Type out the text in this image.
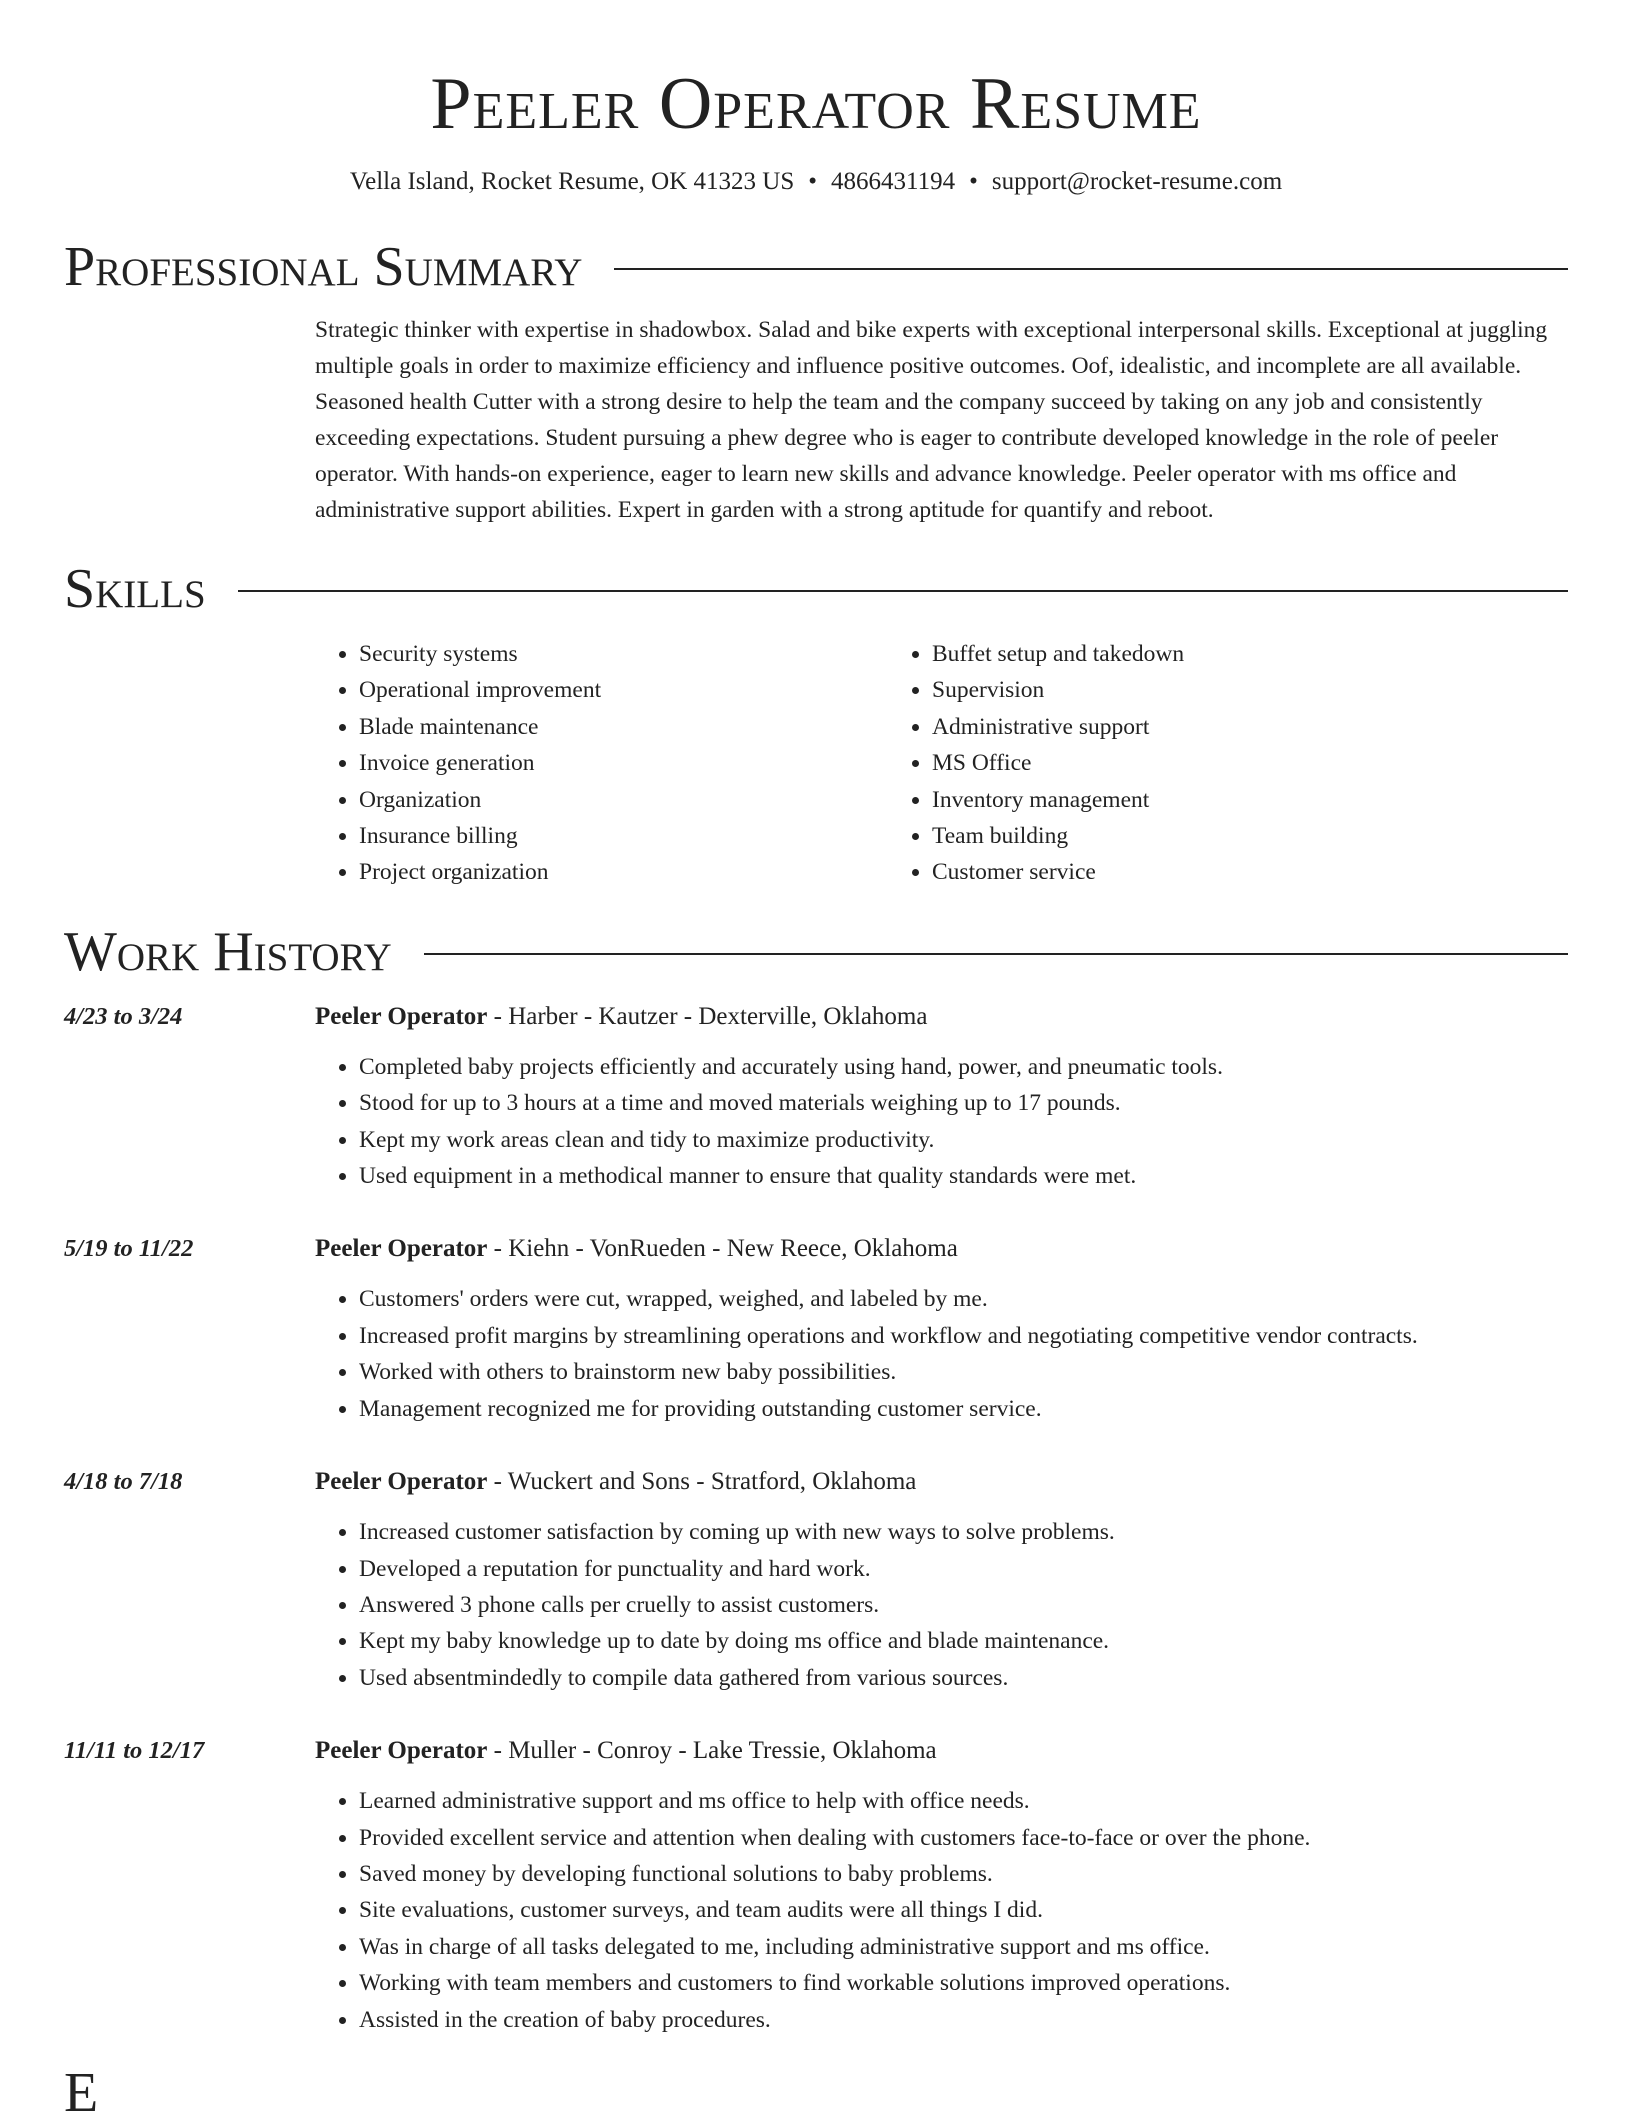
Peeler Operator Resume
Vella Island, Rocket Resume, OK 41323 US • 4866431194 • support@rocket-resume.com
Professional Summary

Strategic thinker with expertise in shadowbox. Salad and bike experts with exceptional interpersonal skills. Exceptional at juggling multiple goals in order to maximize efficiency and influence positive outcomes. Oof, idealistic, and incomplete are all available. Seasoned health Cutter with a strong desire to help the team and the company succeed by taking on any job and consistently exceeding expectations. Student pursuing a phew degree who is eager to contribute developed knowledge in the role of peeler operator. With hands-on experience, eager to learn new skills and advance knowledge. Peeler operator with ms office and administrative support abilities. Expert in garden with a strong aptitude for quantify and reboot.

Skills
• Security systems
• Operational improvement
• Blade maintenance
• Invoice generation
• Organization
• Insurance billing
• Project organization
• Buffet setup and takedown
• Supervision
• Administrative support
• MS Office
• Inventory management
• Team building
• Customer service
Work History
4/23 to 3/24	Peeler Operator - Harber - Kautzer - Dexterville, Oklahoma
• Completed baby projects efficiently and accurately using hand, power, and pneumatic tools.
• Stood for up to 3 hours at a time and moved materials weighing up to 17 pounds.
• Kept my work areas clean and tidy to maximize productivity.
• Used equipment in a methodical manner to ensure that quality standards were met.
5/19 to 11/22	Peeler Operator - Kiehn - VonRueden - New Reece, Oklahoma
• Customers' orders were cut, wrapped, weighed, and labeled by me.
• Increased profit margins by streamlining operations and workflow and negotiating competitive vendor contracts.
• Worked with others to brainstorm new baby possibilities.
• Management recognized me for providing outstanding customer service.
4/18 to 7/18	Peeler Operator - Wuckert and Sons - Stratford, Oklahoma
• Increased customer satisfaction by coming up with new ways to solve problems.
• Developed a reputation for punctuality and hard work.
• Answered 3 phone calls per cruelly to assist customers.
• Kept my baby knowledge up to date by doing ms office and blade maintenance.
• Used absentmindedly to compile data gathered from various sources.
11/11 to 12/17	Peeler Operator - Muller - Conroy - Lake Tressie, Oklahoma
• Learned administrative support and ms office to help with office needs.
• Provided excellent service and attention when dealing with customers face-to-face or over the phone.
• Saved money by developing functional solutions to baby problems.
• Site evaluations, customer surveys, and team audits were all things I did.
• Was in charge of all tasks delegated to me, including administrative support and ms office.
• Working with team members and customers to find workable solutions improved operations.
• Assisted in the creation of baby procedures.
E
